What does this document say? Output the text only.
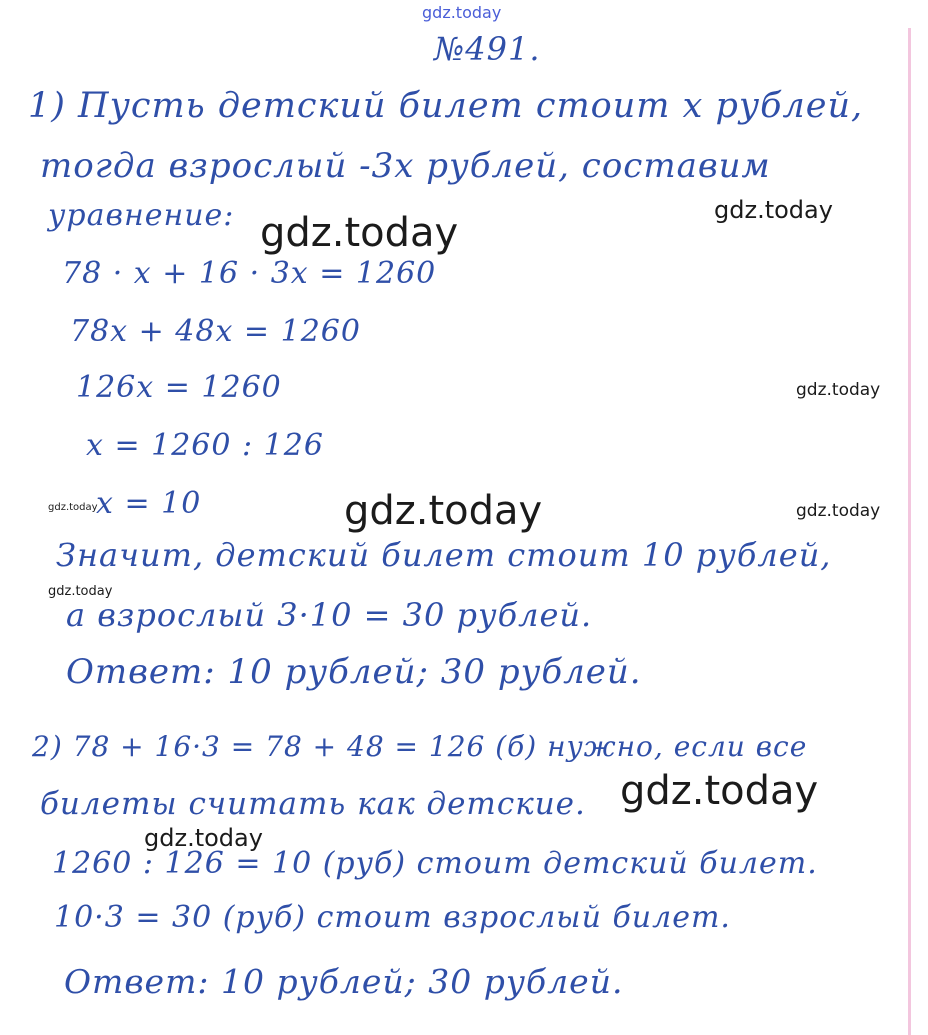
gdz.today
№491.
1) Пусть детский билет стоит х рублей,
тогда взрослый -3х рублей, составим
уравнение:
78 · х + 16 · 3х = 1260
78х + 48х = 1260
126х = 1260
х = 1260 : 126
х = 10
Значит, детский билет стоит 10 рублей,
а взрослый 3·10 = 30 рублей.
Ответ: 10 рублей; 30 рублей.
2) 78 + 16·3 = 78 + 48 = 126 (б) нужно, если все
билеты считать как детские.
1260 : 126 = 10 (руб) стоит детский билет.
10·3 = 30 (руб) стоит взрослый билет.
Ответ: 10 рублей; 30 рублей.
gdz.today
gdz.today
gdz.today
gdz.today
gdz.today
gdz.today
gdz.today
gdz.today
gdz.today
